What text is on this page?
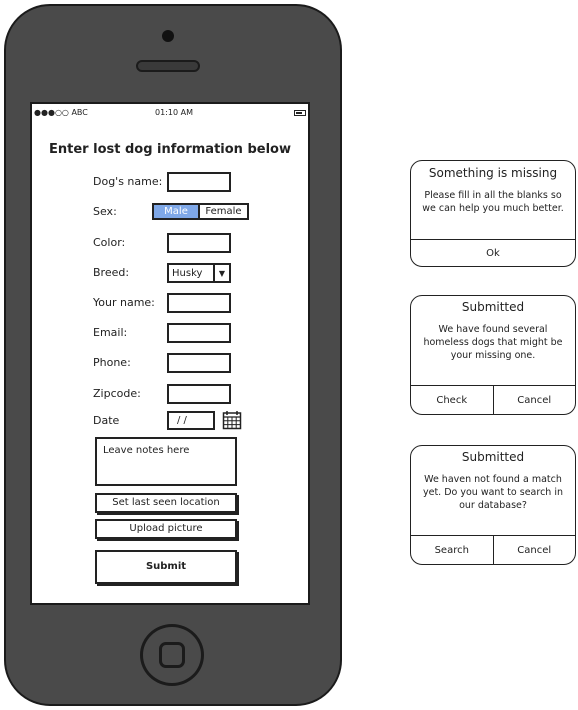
●●●○○ ABC	01:10 AM
Enter lost dog information below
Dog's name:
Sex:	Male	Female
Color:
Breed:	Husky	▼
Your name:
Email:
Phone:
Zipcode:
Date	/ /
Leave notes here
Set last seen location
Upload picture
Submit
Something is missing
Please fill in all the blanks so we can help you much better.
Ok
Submitted
We have found several homeless dogs that might be your missing one.
Check	Cancel
Submitted
We haven not found a match yet. Do you want to search in our database?
Search	Cancel
